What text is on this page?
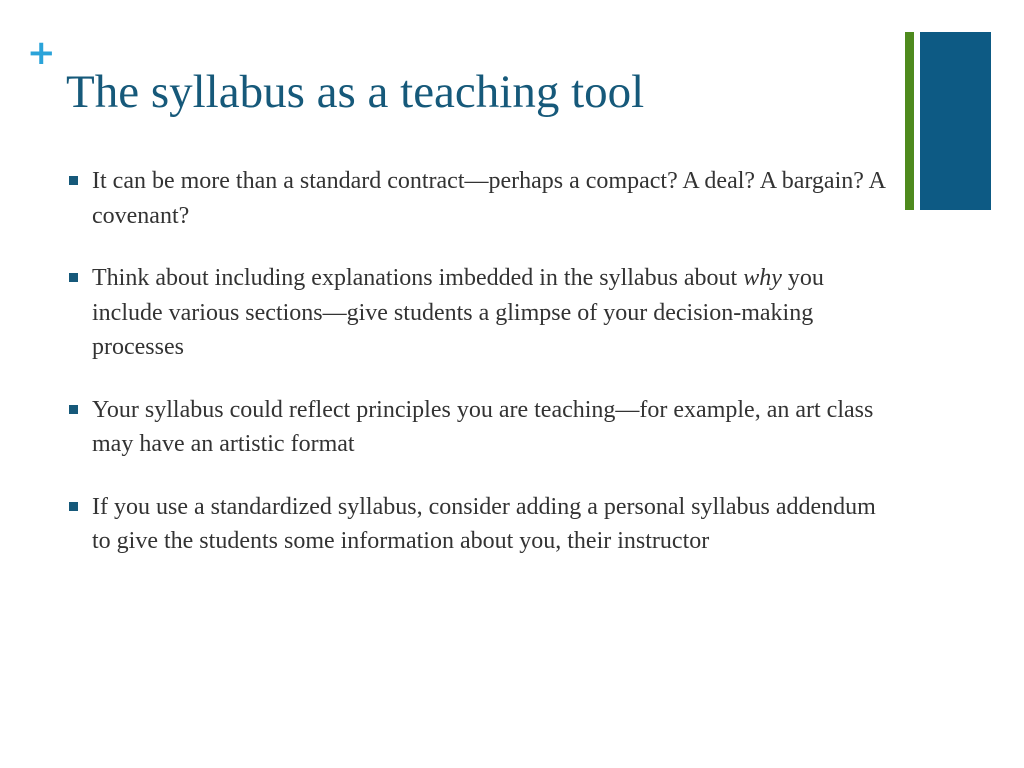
+
The syllabus as a teaching tool
It can be more than a standard contract—perhaps a compact? A deal? A bargain? A covenant?
Think about including explanations imbedded in the syllabus about why you include various sections—give students a glimpse of your decision-making processes
Your syllabus could reflect principles you are teaching—for example, an art class may have an artistic format
If you use a standardized syllabus, consider adding a personal syllabus addendum to give the students some information about you, their instructor
